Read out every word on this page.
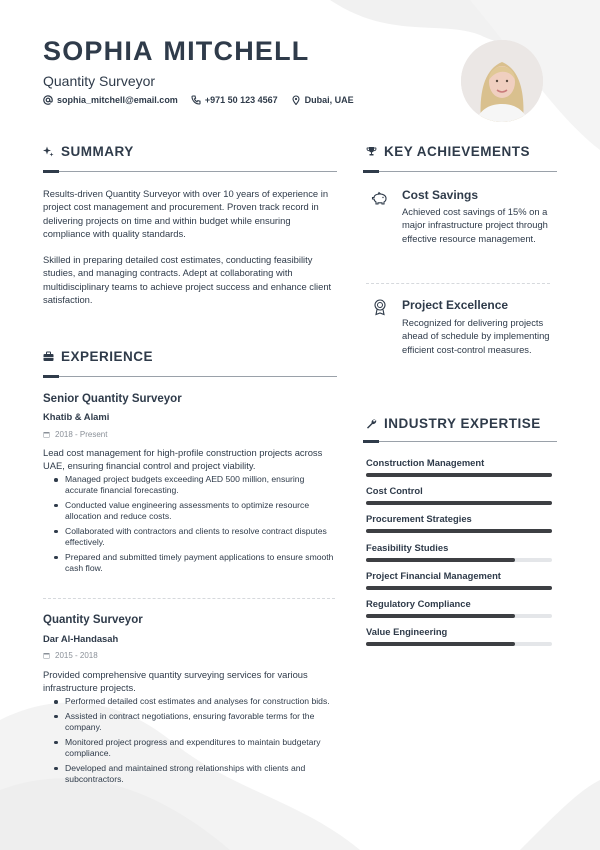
SOPHIA MITCHELL
Quantity Surveyor
sophia_mitchell@email.com	+971 50 123 4567	Dubai, UAE
SUMMARY
Results-driven Quantity Surveyor with over 10 years of experience in project cost management and procurement. Proven track record in delivering projects on time and within budget while ensuring compliance with quality standards.
Skilled in preparing detailed cost estimates, conducting feasibility studies, and managing contracts. Adept at collaborating with multidisciplinary teams to achieve project success and enhance client satisfaction.
EXPERIENCE
Senior Quantity Surveyor
Khatib & Alami
2018 - Present
Lead cost management for high-profile construction projects across UAE, ensuring financial control and project viability.
Managed project budgets exceeding AED 500 million, ensuring accurate financial forecasting.
Conducted value engineering assessments to optimize resource allocation and reduce costs.
Collaborated with contractors and clients to resolve contract disputes effectively.
Prepared and submitted timely payment applications to ensure smooth cash flow.
Quantity Surveyor
Dar Al-Handasah
2015 - 2018
Provided comprehensive quantity surveying services for various infrastructure projects.
Performed detailed cost estimates and analyses for construction bids.
Assisted in contract negotiations, ensuring favorable terms for the company.
Monitored project progress and expenditures to maintain budgetary compliance.
Developed and maintained strong relationships with clients and subcontractors.
KEY ACHIEVEMENTS
Cost Savings
Achieved cost savings of 15% on a major infrastructure project through effective resource management.
Project Excellence
Recognized for delivering projects ahead of schedule by implementing efficient cost-control measures.
INDUSTRY EXPERTISE
Construction Management
Cost Control
Procurement Strategies
Feasibility Studies
Project Financial Management
Regulatory Compliance
Value Engineering
